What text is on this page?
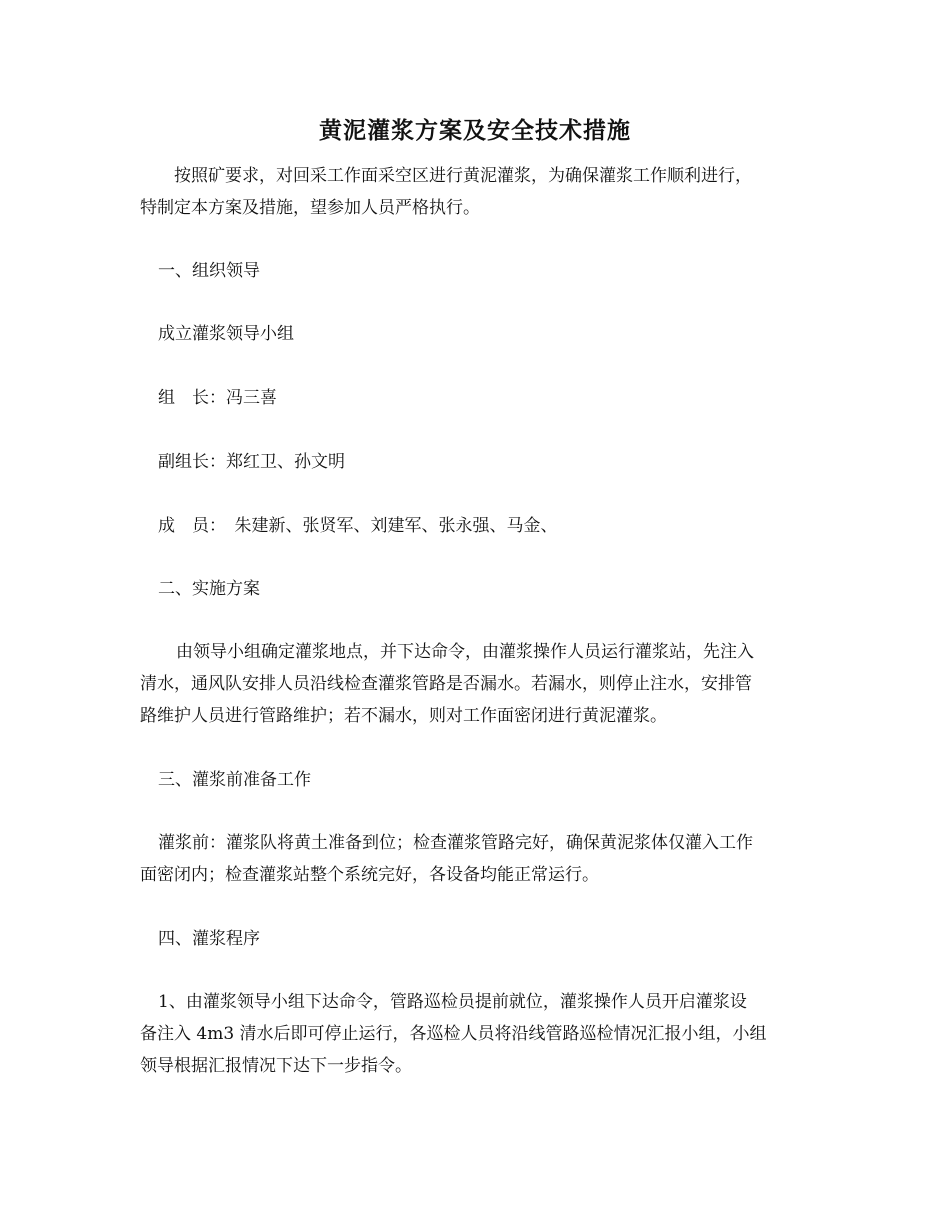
黄泥灌浆方案及安全技术措施
按照矿要求，对回采工作面采空区进行黄泥灌浆，为确保灌浆工作顺利进行，
特制定本方案及措施，望参加人员严格执行。
一、组织领导
成立灌浆领导小组
组　长：冯三喜
副组长：郑红卫、孙文明
成　员：　朱建新、张贤军、刘建军、张永强、马金、
二、实施方案
由领导小组确定灌浆地点，并下达命令，由灌浆操作人员运行灌浆站，先注入
清水，通风队安排人员沿线检查灌浆管路是否漏水。若漏水，则停止注水，安排管
路维护人员进行管路维护；若不漏水，则对工作面密闭进行黄泥灌浆。
三、灌浆前准备工作
灌浆前：灌浆队将黄土准备到位；检查灌浆管路完好，确保黄泥浆体仅灌入工作
面密闭内；检查灌浆站整个系统完好，各设备均能正常运行。
四、灌浆程序
1、由灌浆领导小组下达命令，管路巡检员提前就位，灌浆操作人员开启灌浆设
备注入 4m3 清水后即可停止运行，各巡检人员将沿线管路巡检情况汇报小组，小组
领导根据汇报情况下达下一步指令。
